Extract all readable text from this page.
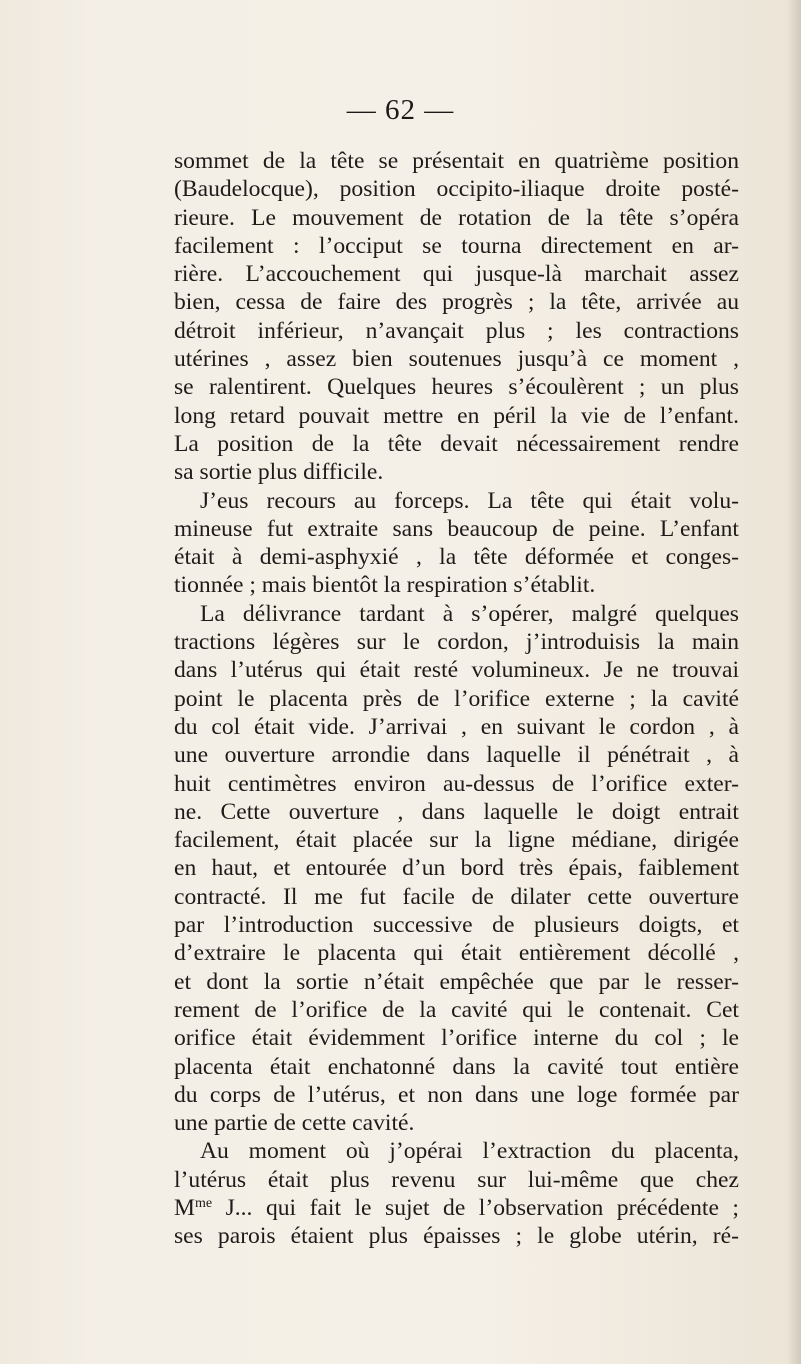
— 62 —
sommet de la tête se présentait en quatrième position
(Baudelocque), position occipito-iliaque droite posté-
rieure. Le mouvement de rotation de la tête s’opéra
facilement : l’occiput se tourna directement en ar-
rière. L’accouchement qui jusque-là marchait assez
bien, cessa de faire des progrès ; la tête, arrivée au
détroit inférieur, n’avançait plus ; les contractions
utérines , assez bien soutenues jusqu’à ce moment ,
se ralentirent. Quelques heures s’écoulèrent ; un plus
long retard pouvait mettre en péril la vie de l’enfant.
La position de la tête devait nécessairement rendre
sa sortie plus difficile.
J’eus recours au forceps. La tête qui était volu-
mineuse fut extraite sans beaucoup de peine. L’enfant
était à demi-asphyxié , la tête déformée et conges-
tionnée ; mais bientôt la respiration s’établit.
La délivrance tardant à s’opérer, malgré quelques
tractions légères sur le cordon, j’introduisis la main
dans l’utérus qui était resté volumineux. Je ne trouvai
point le placenta près de l’orifice externe ; la cavité
du col était vide. J’arrivai , en suivant le cordon , à
une ouverture arrondie dans laquelle il pénétrait , à
huit centimètres environ au-dessus de l’orifice exter-
ne. Cette ouverture , dans laquelle le doigt entrait
facilement, était placée sur la ligne médiane, dirigée
en haut, et entourée d’un bord très épais, faiblement
contracté. Il me fut facile de dilater cette ouverture
par l’introduction successive de plusieurs doigts, et
d’extraire le placenta qui était entièrement décollé ,
et dont la sortie n’était empêchée que par le resser-
rement de l’orifice de la cavité qui le contenait. Cet
orifice était évidemment l’orifice interne du col ; le
placenta était enchatonné dans la cavité tout entière
du corps de l’utérus, et non dans une loge formée par
une partie de cette cavité.
Au moment où j’opérai l’extraction du placenta,
l’utérus était plus revenu sur lui-même que chez
$M^{me}$ J... qui fait le sujet de l’observation précédente ;
ses parois étaient plus épaisses ; le globe utérin, ré-
